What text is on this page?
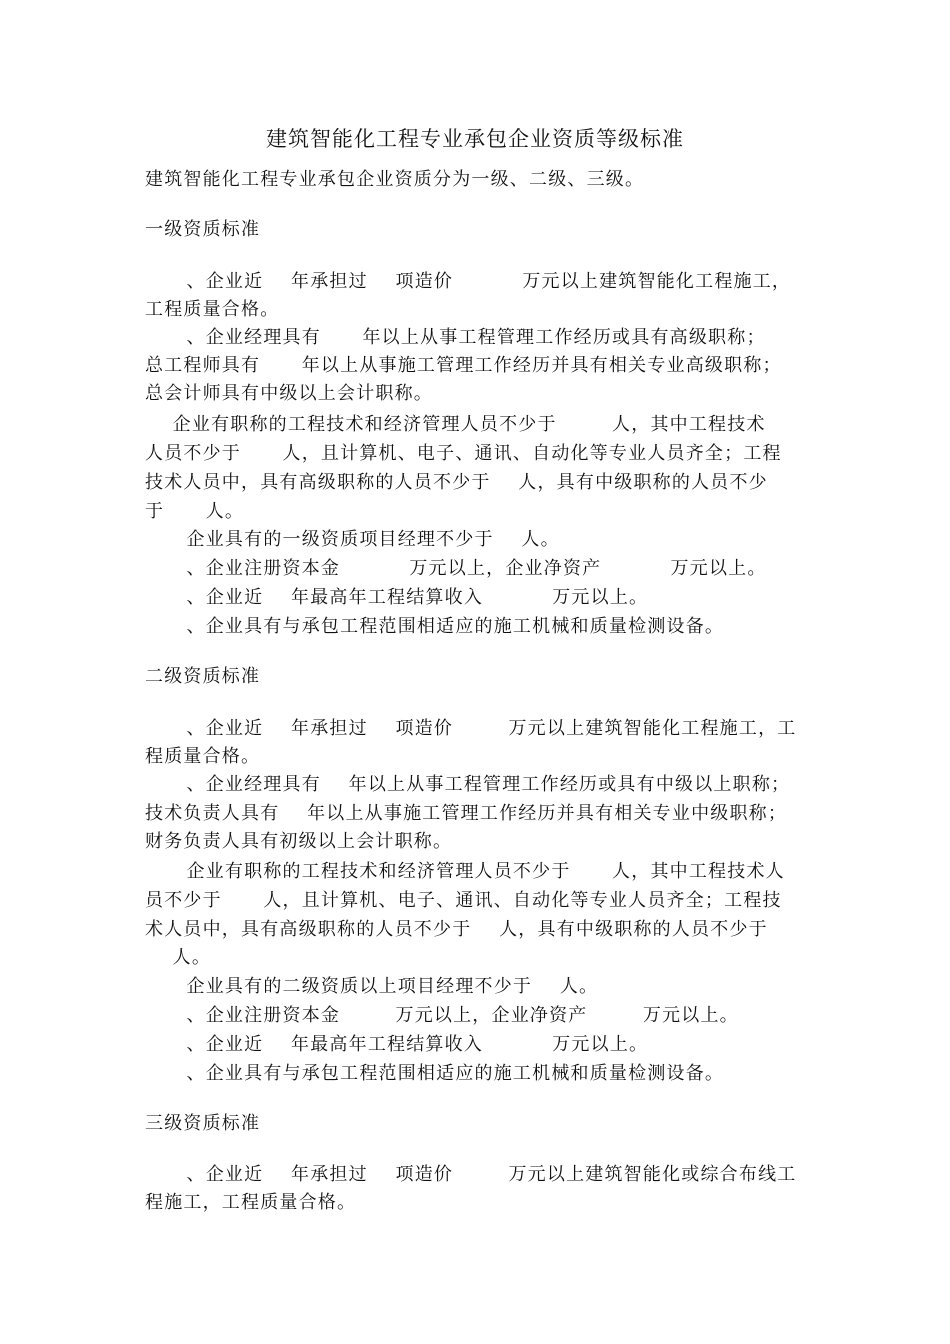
建筑智能化工程专业承包企业资质等级标准

建筑智能化工程专业承包企业资质分为一级、二级、三级。

一级资质标准

、企业近    年承担过    项造价          万元以上建筑智能化工程施工，

工程质量合格。

、企业经理具有      年以上从事工程管理工作经历或具有高级职称；

总工程师具有      年以上从事施工管理工作经历并具有相关专业高级职称；

总会计师具有中级以上会计职称。

企业有职称的工程技术和经济管理人员不少于        人，其中工程技术

人员不少于      人，且计算机、电子、通讯、自动化等专业人员齐全；工程

技术人员中，具有高级职称的人员不少于    人，具有中级职称的人员不少

于      人。

企业具有的一级资质项目经理不少于    人。

、企业注册资本金          万元以上，企业净资产          万元以上。

、企业近    年最高年工程结算收入          万元以上。

、企业具有与承包工程范围相适应的施工机械和质量检测设备。

二级资质标准

、企业近    年承担过    项造价        万元以上建筑智能化工程施工，工

程质量合格。

、企业经理具有    年以上从事工程管理工作经历或具有中级以上职称；

技术负责人具有    年以上从事施工管理工作经历并具有相关专业中级职称；

财务负责人具有初级以上会计职称。

企业有职称的工程技术和经济管理人员不少于      人，其中工程技术人

员不少于      人，且计算机、电子、通讯、自动化等专业人员齐全；工程技

术人员中，具有高级职称的人员不少于    人，具有中级职称的人员不少于

人。

企业具有的二级资质以上项目经理不少于    人。

、企业注册资本金        万元以上，企业净资产        万元以上。

、企业近    年最高年工程结算收入          万元以上。

、企业具有与承包工程范围相适应的施工机械和质量检测设备。

三级资质标准

、企业近    年承担过    项造价        万元以上建筑智能化或综合布线工

程施工，工程质量合格。
